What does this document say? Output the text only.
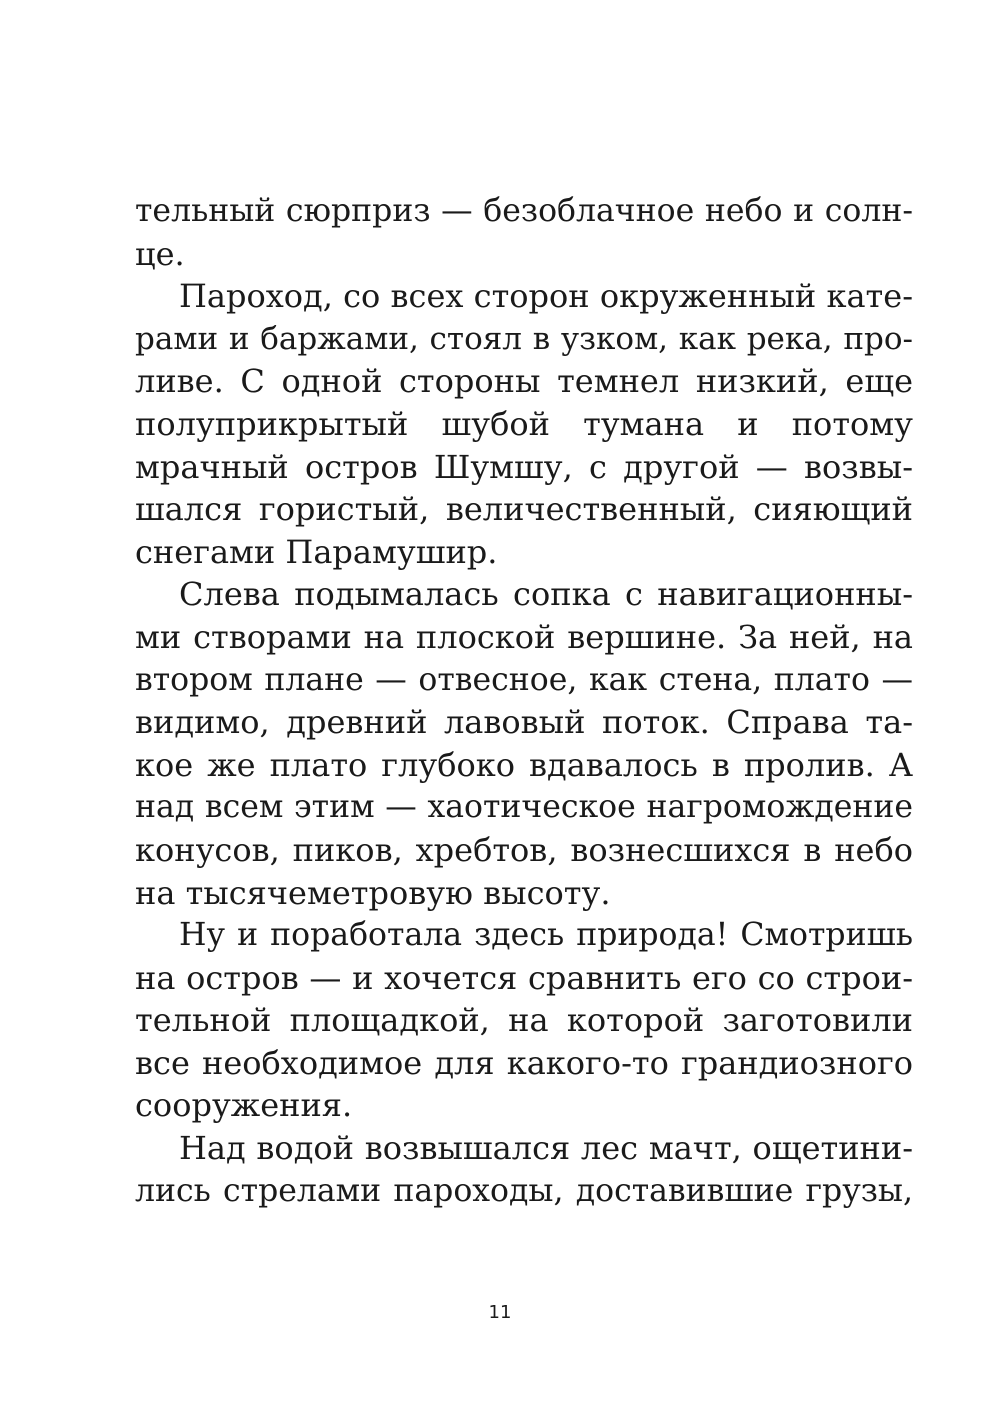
тельный сюрприз — безоблачное небо и солн-
це.
Пароход, со всех сторон окруженный кате-
рами и баржами, стоял в узком, как река, про-
ливе. С одной стороны темнел низкий, еще
полуприкрытый шубой тумана и потому
мрачный остров Шумшу, с другой — возвы-
шался гористый, величественный, сияющий
снегами Парамушир.
Слева подымалась сопка с навигационны-
ми створами на плоской вершине. За ней, на
втором плане — отвесное, как стена, плато —
видимо, древний лавовый поток. Справа та-
кое же плато глубоко вдавалось в пролив. А
над всем этим — хаотическое нагромождение
конусов, пиков, хребтов, вознесшихся в небо
на тысячеметровую высоту.
Ну и поработала здесь природа! Смотришь
на остров — и хочется сравнить его со строи-
тельной площадкой, на которой заготовили
все необходимое для какого-то грандиозного
сооружения.
Над водой возвышался лес мачт, ощетини-
лись стрелами пароходы, доставившие грузы,
11
